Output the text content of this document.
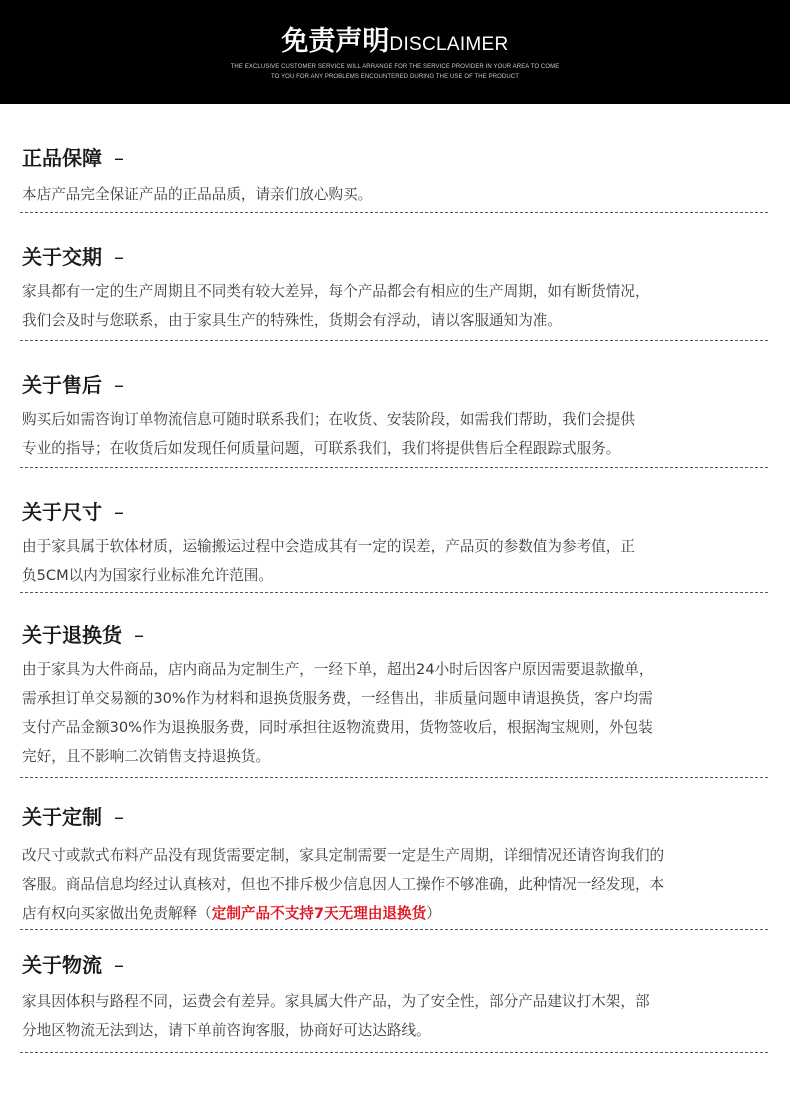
免责声明DISCLAIMER
THE EXCLUSIVE CUSTOMER SERVICE WILL ARRANGE FOR THE SERVICE PROVIDER IN YOUR AREA TO COME
TO YOU FOR ANY PROBLEMS ENCOUNTERED DURING THE USE OF THE PRODUCT
正品保障 –
本店产品完全保证产品的正品品质，请亲们放心购买。
关于交期 –
家具都有一定的生产周期且不同类有较大差异，每个产品都会有相应的生产周期，如有断货情况，
我们会及时与您联系，由于家具生产的特殊性，货期会有浮动，请以客服通知为准。
关于售后 –
购买后如需咨询订单物流信息可随时联系我们；在收货、安装阶段，如需我们帮助，我们会提供
专业的指导；在收货后如发现任何质量问题，可联系我们，我们将提供售后全程跟踪式服务。
关于尺寸 –
由于家具属于软体材质，运输搬运过程中会造成其有一定的误差，产品页的参数值为参考值，正
负5CM以内为国家行业标准允许范围。
关于退换货 –
由于家具为大件商品，店内商品为定制生产，一经下单，超出24小时后因客户原因需要退款撤单，
需承担订单交易额的30%作为材料和退换货服务费，一经售出，非质量问题申请退换货，客户均需
支付产品金额30%作为退换服务费，同时承担往返物流费用，货物签收后，根据淘宝规则，外包装
完好，且不影响二次销售支持退换货。
关于定制 –
改尺寸或款式布料产品没有现货需要定制，家具定制需要一定是生产周期，详细情况还请咨询我们的
客服。商品信息均经过认真核对，但也不排斥极少信息因人工操作不够准确，此种情况一经发现，本
店有权向买家做出免责解释（定制产品不支持7天无理由退换货）
关于物流 –
家具因体积与路程不同，运费会有差异。家具属大件产品，为了安全性，部分产品建议打木架，部
分地区物流无法到达，请下单前咨询客服，协商好可达达路线。
